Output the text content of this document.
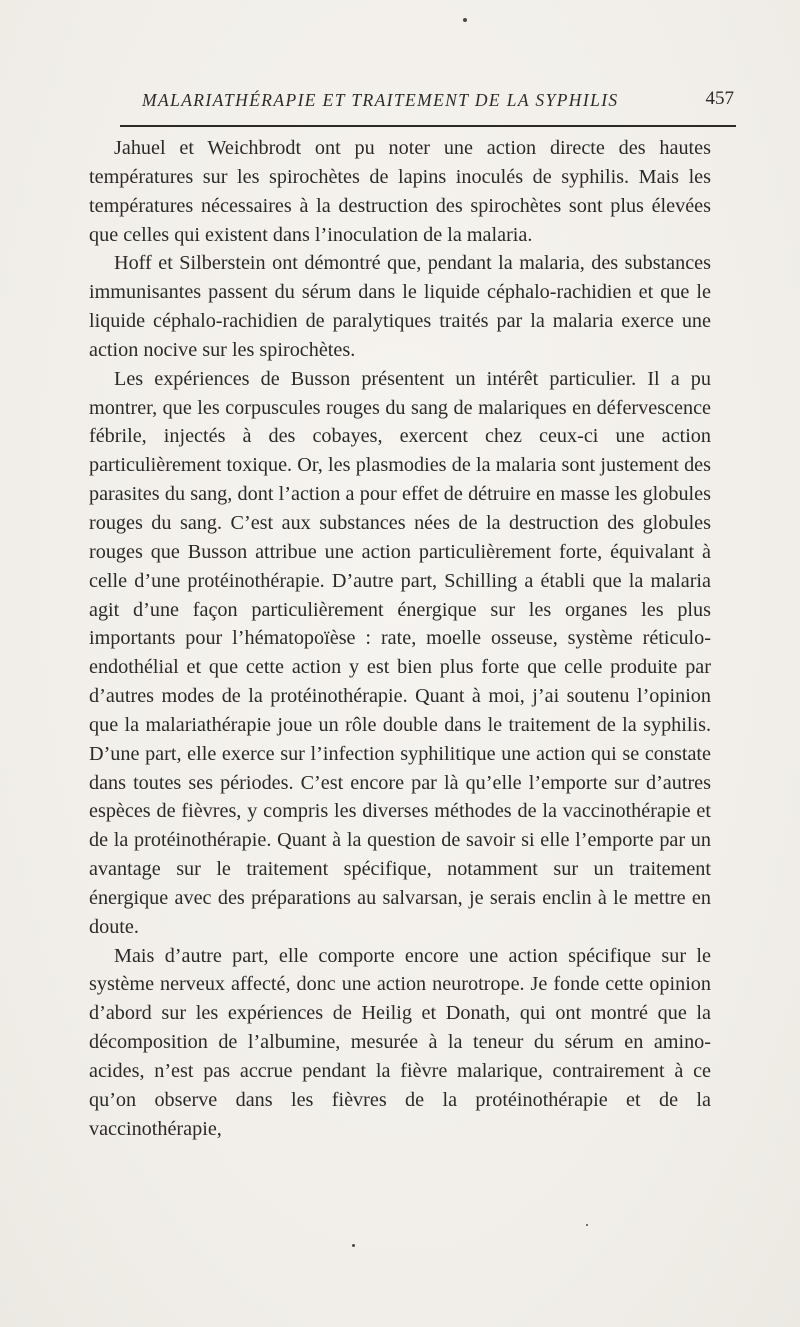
MALARIATHÉRAPIE ET TRAITEMENT DE LA SYPHILIS	457

Jahuel et Weichbrodt ont pu noter une action directe des hautes températures sur les spirochètes de lapins inoculés de syphilis. Mais les températures nécessaires à la destruction des spirochètes sont plus élevées que celles qui existent dans l’inoculation de la malaria.

Hoff et Silberstein ont démontré que, pendant la malaria, des substances immunisantes passent du sérum dans le liquide céphalo-rachidien et que le liquide céphalo-rachidien de paralytiques traités par la malaria exerce une action nocive sur les spirochètes.

Les expériences de Busson présentent un intérêt particulier. Il a pu montrer, que les corpuscules rouges du sang de malariques en défervescence fébrile, injectés à des cobayes, exercent chez ceux-ci une action particulièrement toxique. Or, les plasmodies de la malaria sont justement des parasites du sang, dont l’action a pour effet de détruire en masse les globules rouges du sang. C’est aux substances nées de la destruction des globules rouges que Busson attribue une action particulièrement forte, équivalant à celle d’une protéinothérapie. D’autre part, Schilling a établi que la malaria agit d’une façon particulièrement énergique sur les organes les plus importants pour l’hématopoïèse : rate, moelle osseuse, système réticulo-endothélial et que cette action y est bien plus forte que celle produite par d’autres modes de la protéinothérapie. Quant à moi, j’ai soutenu l’opinion que la malariathérapie joue un rôle double dans le traitement de la syphilis. D’une part, elle exerce sur l’infection syphilitique une action qui se constate dans toutes ses périodes. C’est encore par là qu’elle l’emporte sur d’autres espèces de fièvres, y compris les diverses méthodes de la vaccinothérapie et de la protéinothérapie. Quant à la question de savoir si elle l’emporte par un avantage sur le traitement spécifique, notamment sur un traitement énergique avec des préparations au salvarsan, je serais enclin à le mettre en doute.

Mais d’autre part, elle comporte encore une action spécifique sur le système nerveux affecté, donc une action neurotrope. Je fonde cette opinion d’abord sur les expériences de Heilig et Donath, qui ont montré que la décomposition de l’albumine, mesurée à la teneur du sérum en amino-acides, n’est pas accrue pendant la fièvre malarique, contrairement à ce qu’on observe dans les fièvres de la protéinothérapie et de la vaccinothérapie,
